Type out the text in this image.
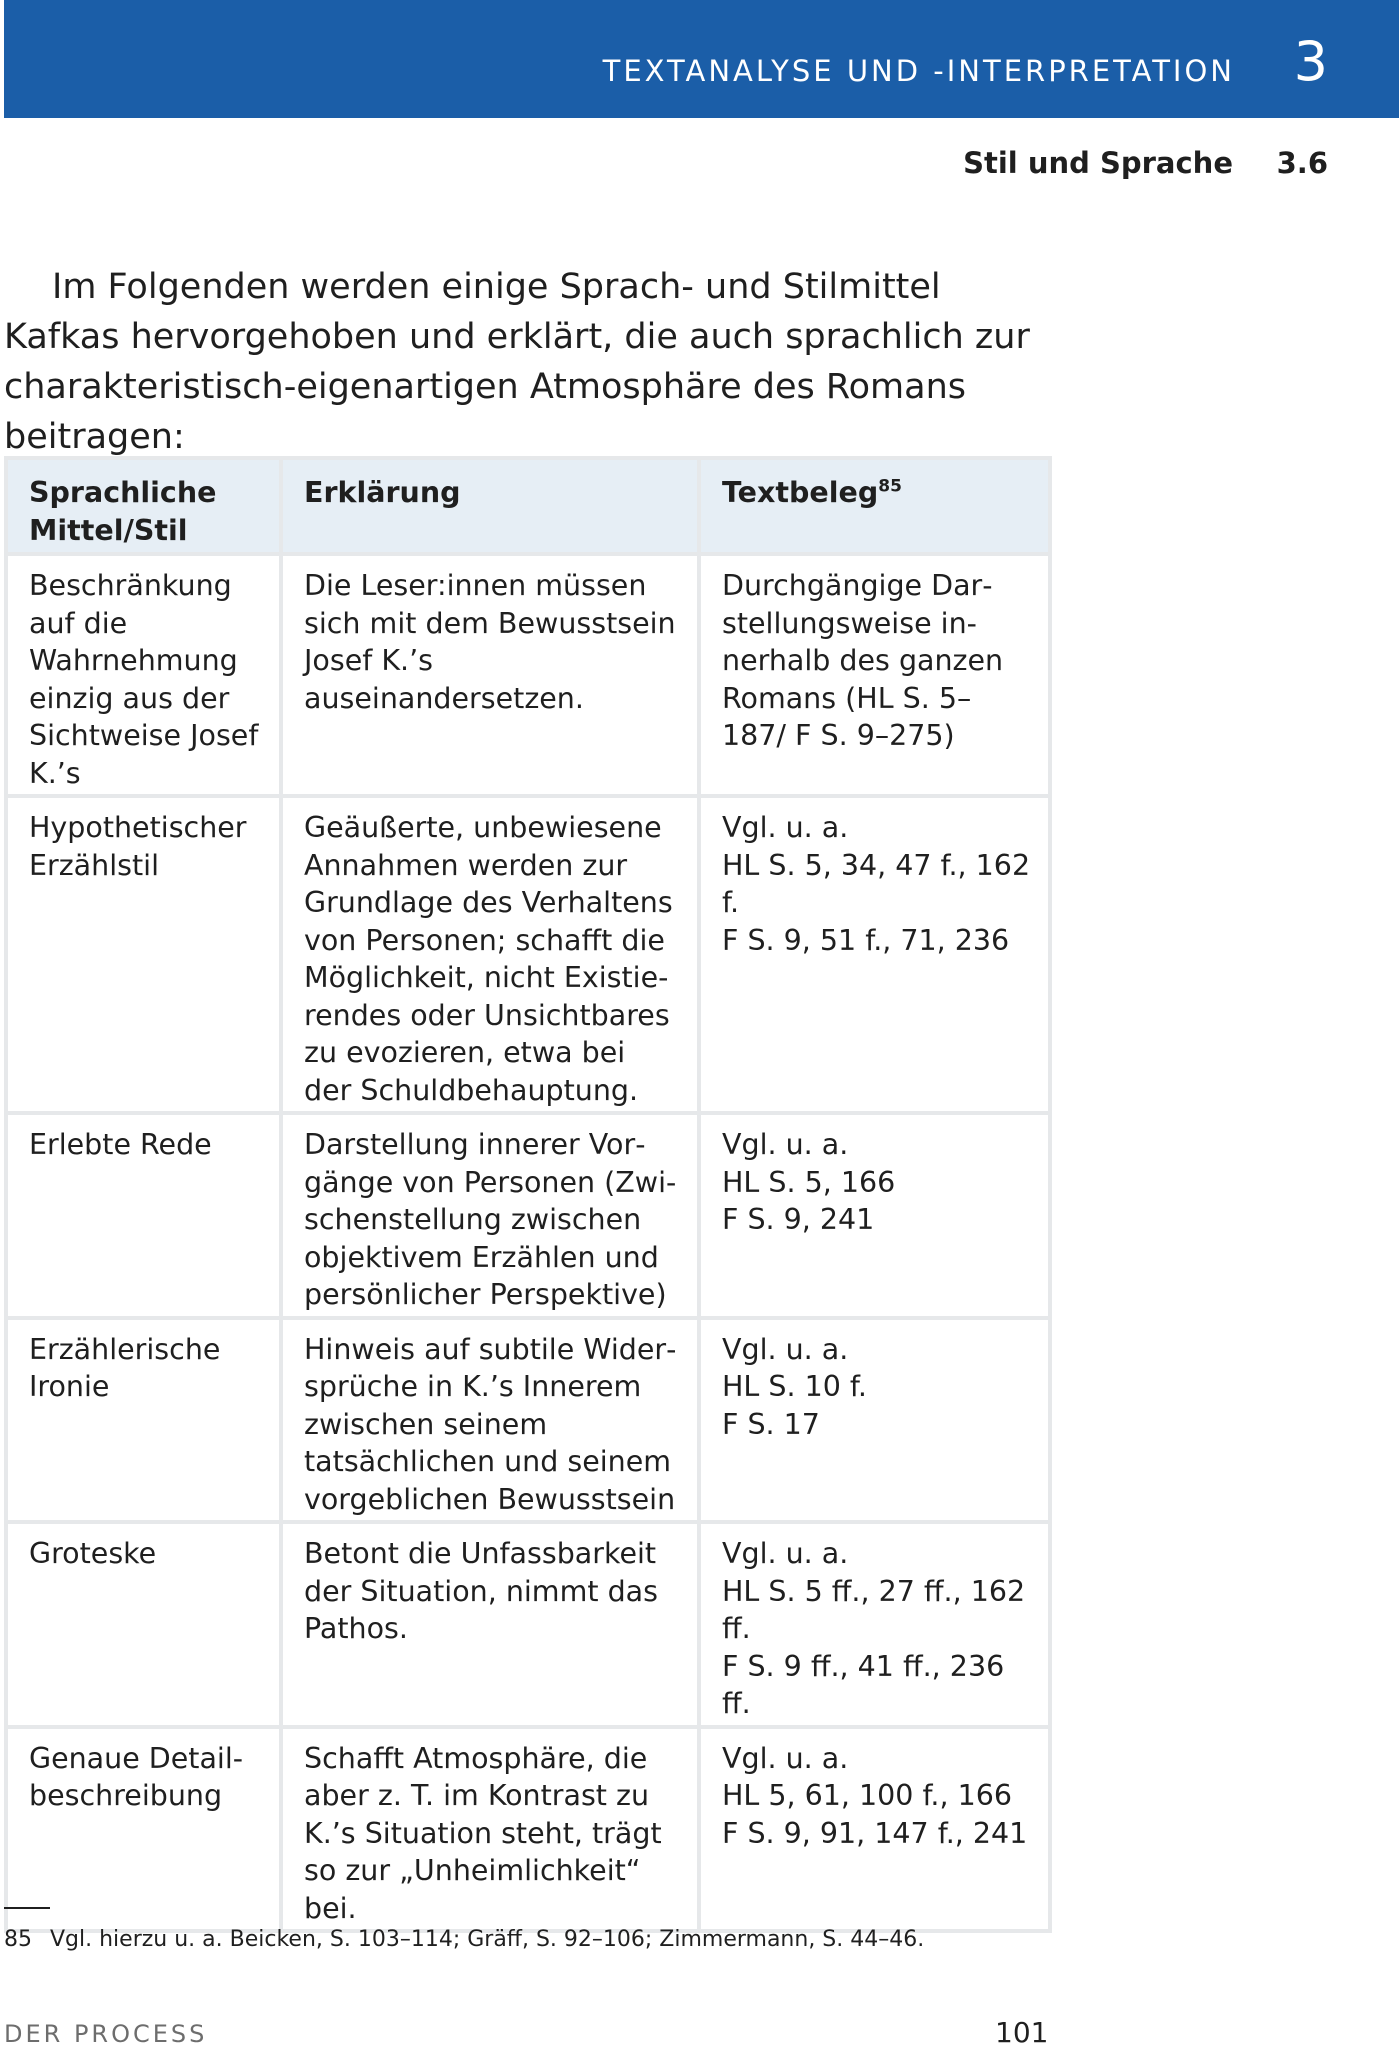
TEXTANALYSE UND -INTERPRETATION 3
Stil und Sprache 3.6

Im Folgenden werden einige Sprach- und Stilmittel Kafkas hervorgehoben und erklärt, die auch sprachlich zur charakteristisch-eigenartigen Atmosphäre des Romans beitragen:

Sprachliche Mittel/Stil	Erklärung	Textbeleg$^{85}$
Beschränkung auf die Wahrnehmung einzig aus der Sichtweise Josef K.’s	Die Leser:innen müssen sich mit dem Bewusstsein Josef K.’s auseinandersetzen.	Durchgängige Darstellungsweise innerhalb des ganzen Romans (HL S. 5–187/ F S. 9–275)
Hypothetischer Erzählstil	Geäußerte, unbewiesene Annahmen werden zur Grundlage des Verhaltens von Personen; schafft die Möglichkeit, nicht Existierendes oder Unsichtbares zu evozieren, etwa bei der Schuldbehauptung.	Vgl. u. a.
HL S. 5, 34, 47 f., 162 f.
F S. 9, 51 f., 71, 236
Erlebte Rede	Darstellung innerer Vorgänge von Personen (Zwischenstellung zwischen objektivem Erzählen und persönlicher Perspektive)	Vgl. u. a.
HL S. 5, 166
F S. 9, 241
Erzählerische Ironie	Hinweis auf subtile Widersprüche in K.’s Innerem zwischen seinem tatsächlichen und seinem vorgeblichen Bewusstsein	Vgl. u. a.
HL S. 10 f.
F S. 17
Groteske	Betont die Unfassbarkeit der Situation, nimmt das Pathos.	Vgl. u. a.
HL S. 5 ff., 27 ff., 162 ff.
F S. 9 ff., 41 ff., 236 ff.
Genaue Detailbeschreibung	Schafft Atmosphäre, die aber z. T. im Kontrast zu K.’s Situation steht, trägt so zur „Unheimlichkeit“ bei.	Vgl. u. a.
HL 5, 61, 100 f., 166
F S. 9, 91, 147 f., 241
85 Vgl. hierzu u. a. Beicken, S. 103–114; Gräff, S. 92–106; Zimmermann, S. 44–46.
DER PROCESS	101
